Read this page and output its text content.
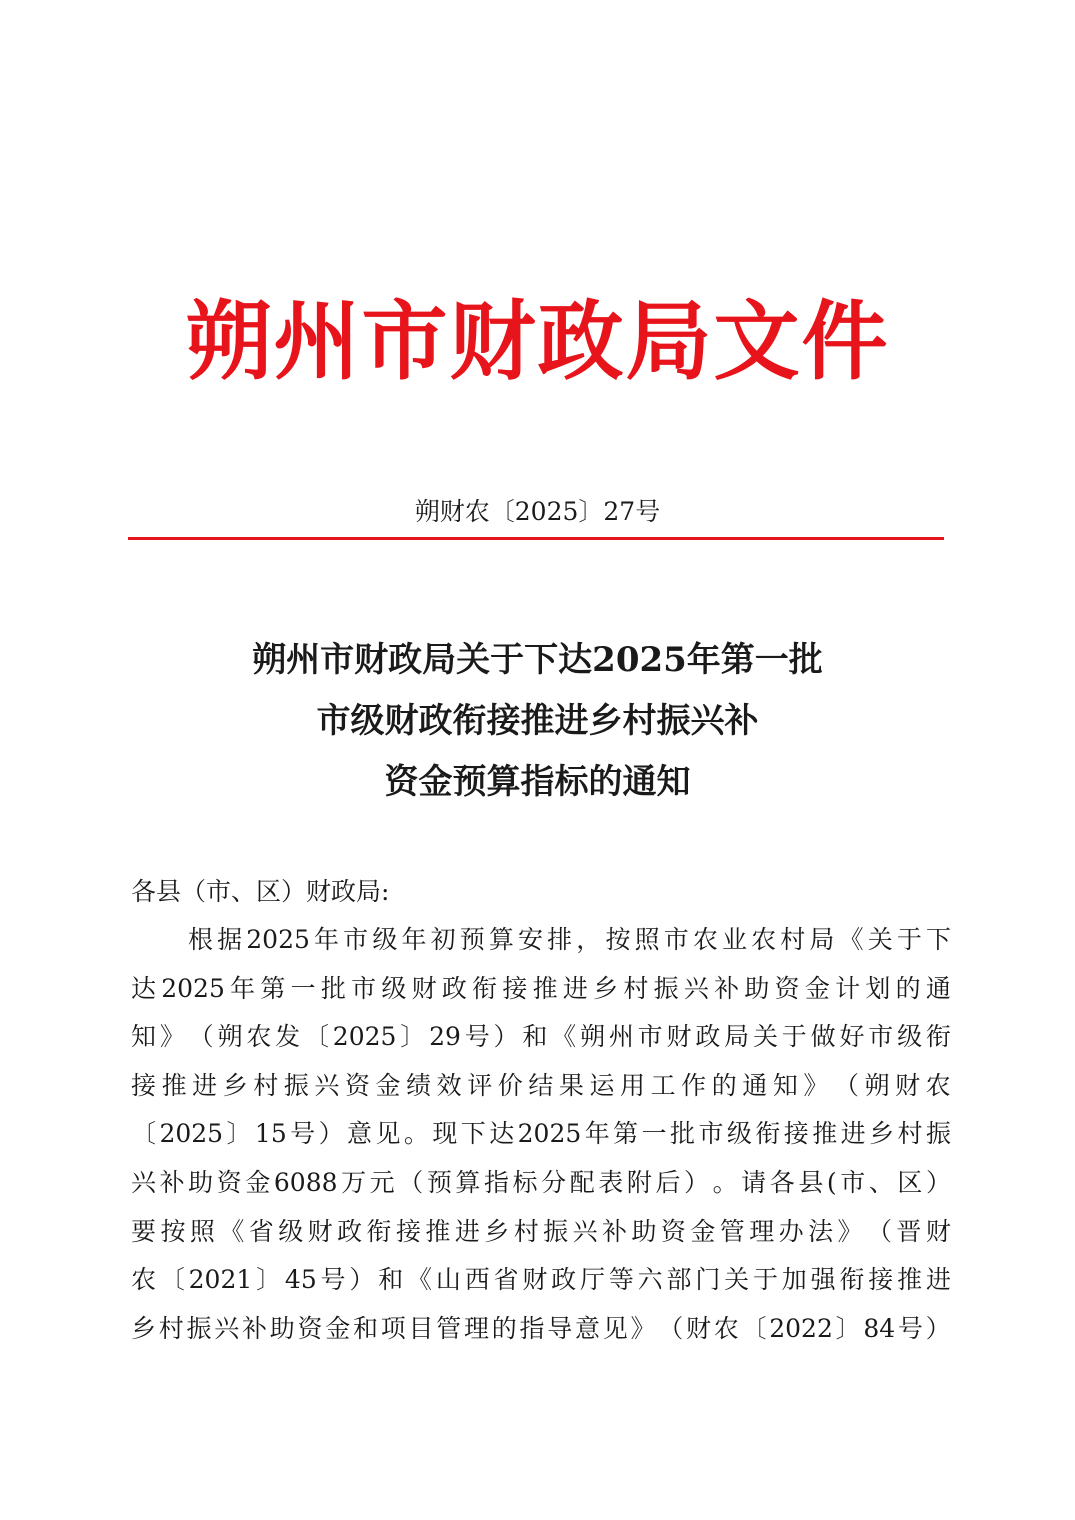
朔州市财政局文件
朔财农〔2025〕27号
朔州市财政局关于下达2025年第一批
市级财政衔接推进乡村振兴补
资金预算指标的通知
各县（市、区）财政局:
根 据 2025 年 市 级 年 初 预 算 安 排 ， 按 照 市 农 业 农 村 局 《 关 于 下
达 2025 年 第 一 批 市 级 财 政 衔 接 推 进 乡 村 振 兴 补 助 资 金 计 划 的 通
知 》 （ 朔 农 发 〔 2025 〕 29 号 ） 和 《 朔 州 市 财 政 局 关 于 做 好 市 级 衔
接 推 进 乡 村 振 兴 资 金 绩 效 评 价 结 果 运 用 工 作 的 通 知 》 （ 朔 财 农
〔 2025 〕 15 号 ） 意 见 。 现 下 达 2025 年 第 一 批 市 级 衔 接 推 进 乡 村 振
兴 补 助 资 金 6088 万 元 （ 预 算 指 标 分 配 表 附 后 ） 。 请 各 县 ( 市 、 区 ）
要 按 照 《 省 级 财 政 衔 接 推 进 乡 村 振 兴 补 助 资 金 管 理 办 法 》 （ 晋 财
农 〔 2021 〕 45 号 ） 和 《 山 西 省 财 政 厅 等 六 部 门 关 于 加 强 衔 接 推 进
乡 村 振 兴 补 助 资 金 和 项 目 管 理 的 指 导 意 见 》 （ 财 农 〔 2022 〕 84 号 ）
